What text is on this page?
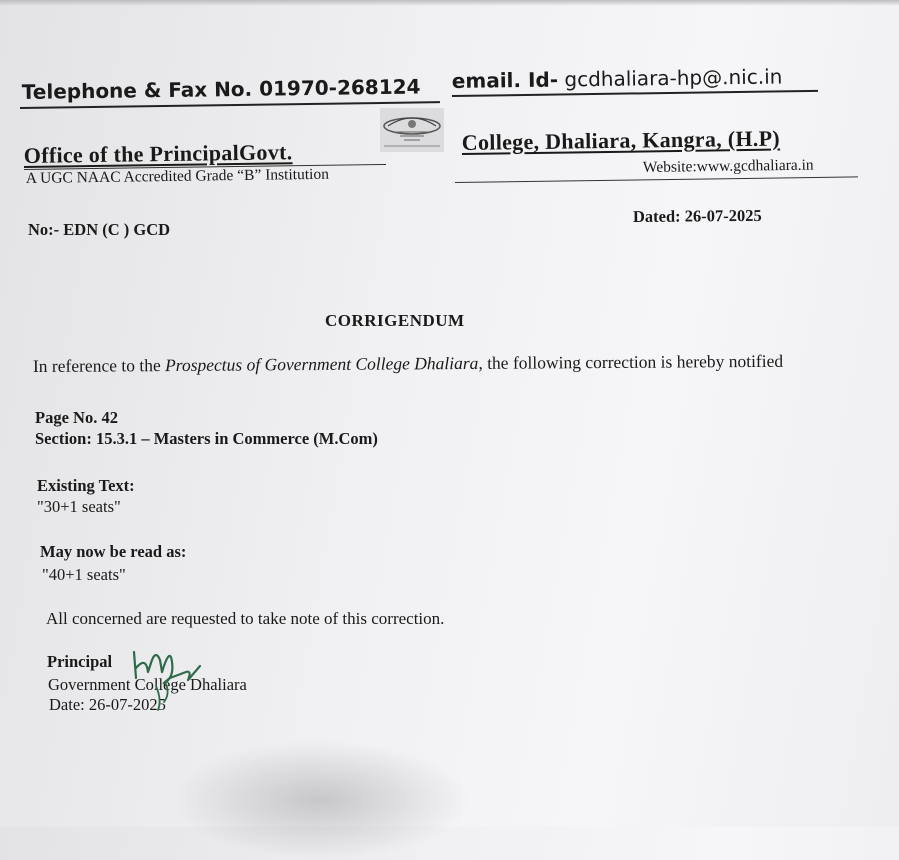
Telephone & Fax No. 01970-268124 email. Id- gcdhaliara-hp@.nic.in
Office of the PrincipalGovt.	College, Dhaliara, Kangra, (H.P)
A UGC NAAC Accredited Grade “B” Institution	Website:www.gcdhaliara.in
No:- EDN (C ) GCD
Dated: 26-07-2025
CORRIGENDUM
In reference to the Prospectus of Government College Dhaliara, the following correction is hereby notified
Page No. 42
Section: 15.3.1 – Masters in Commerce (M.Com)
Existing Text:
"30+1 seats"
May now be read as:
"40+1 seats"
All concerned are requested to take note of this correction.
Principal
Government College Dhaliara
Date: 26-07-2025
